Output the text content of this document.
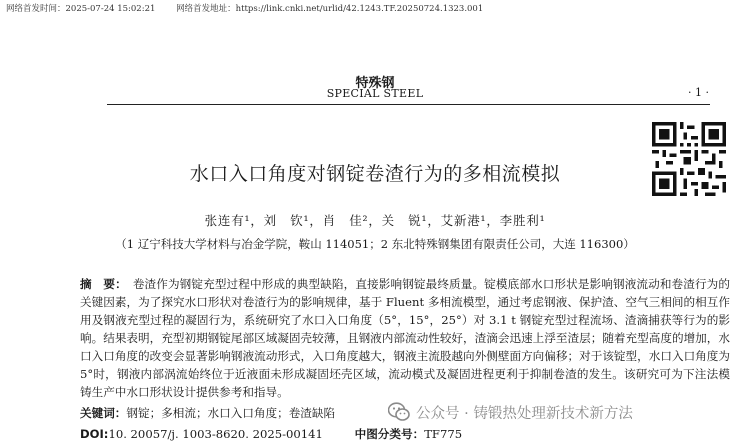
网络首发时间：2025-07-24 15:02:21 网络首发地址：https://link.cnki.net/urlid/42.1243.TF.20250724.1323.001
特殊钢
SPECIAL STEEL	· 1 ·
水口入口角度对钢锭卷渣行为的多相流模拟
张连有¹，刘　钦¹，肖　佳²，关　锐¹，艾新港¹，李胜利¹
（1 辽宁科技大学材料与冶金学院，鞍山 114051；2 东北特殊钢集团有限责任公司，大连 116300）
摘　要： 卷渣作为钢锭充型过程中形成的典型缺陷，直接影响钢锭最终质量。锭模底部水口形状是影响钢液流动和卷渣行为的关键因素，为了探究水口形状对卷渣行为的影响规律，基于 Fluent 多相流模型，通过考虑钢液、保护渣、空气三相间的相互作用及钢液充型过程的凝固行为，系统研究了水口入口角度（5°，15°，25°）对 3.1 t 钢锭充型过程流场、渣滴捕获等行为的影响。结果表明，充型初期钢锭尾部区域凝固壳较薄，且钢液内部流动性较好，渣滴会迅速上浮至渣层；随着充型高度的增加，水口入口角度的改变会显著影响钢液流动形式，入口角度越大，钢液主流股越向外侧壁面方向偏移；对于该锭型，水口入口角度为 5°时，钢液内部涡流始终位于近液面未形成凝固坯壳区域，流动模式及凝固进程更利于抑制卷渣的发生。该研究可为下注法模铸生产中水口形状设计提供参考和指导。
关键词：钢锭；多相流；水口入口角度；卷渣缺陷
DOI:10. 20057/j. 1003-8620. 2025-00141	中图分类号：TF775
公众号 · 铸锻热处理新技术新方法
